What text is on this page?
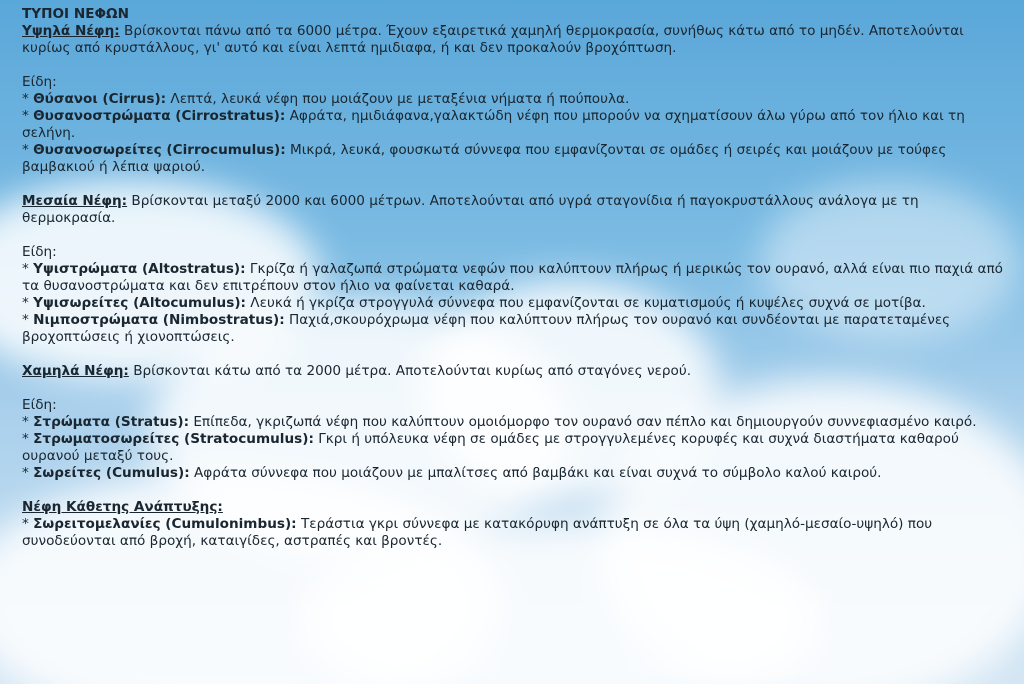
ΤΥΠΟΙ ΝΕΦΩΝ

Υψηλά Νέφη: Βρίσκονται πάνω από τα 6000 μέτρα. Έχουν εξαιρετικά χαμηλή θερμοκρασία, συνήθως κάτω από το μηδέν. Αποτελούνται κυρίως από κρυστάλλους, γι' αυτό και είναι λεπτά ημιδιαφα, ή και δεν προκαλούν βροχόπτωση.

Είδη:

* Θύσανοι (Cirrus): Λεπτά, λευκά νέφη που μοιάζουν με μεταξένια νήματα ή πούπουλα.

* Θυσανοστρώματα (Cirrostratus): Αφράτα, ημιδιάφανα,γαλακτώδη νέφη που μπορούν να σχηματίσουν άλω γύρω από τον ήλιο και τη σελήνη.

* Θυσανοσωρείτες (Cirrocumulus): Μικρά, λευκά, φουσκωτά σύννεφα που εμφανίζονται σε ομάδες ή σειρές και μοιάζουν με τούφες βαμβακιού ή λέπια ψαριού.

Μεσαία Νέφη: Βρίσκονται μεταξύ 2000 και 6000 μέτρων. Αποτελούνται από υγρά σταγονίδια ή παγοκρυστάλλους ανάλογα με τη θερμοκρασία.

Είδη:

* Υψιστρώματα (Altostratus): Γκρίζα ή γαλαζωπά στρώματα νεφών που καλύπτουν πλήρως ή μερικώς τον ουρανό, αλλά είναι πιο παχιά από τα θυσανοστρώματα και δεν επιτρέπουν στον ήλιο να φαίνεται καθαρά.

* Υψισωρείτες (Altocumulus): Λευκά ή γκρίζα στρογγυλά σύννεφα που εμφανίζονται σε κυματισμούς ή κυψέλες συχνά σε μοτίβα.

* Νιμποστρώματα (Nimbostratus): Παχιά,σκουρόχρωμα νέφη που καλύπτουν πλήρως τον ουρανό και συνδέονται με παρατεταμένες βροχοπτώσεις ή χιονοπτώσεις.

Χαμηλά Νέφη: Βρίσκονται κάτω από τα 2000 μέτρα. Αποτελούνται κυρίως από σταγόνες νερού.

Είδη:

* Στρώματα (Stratus): Επίπεδα, γκριζωπά νέφη που καλύπτουν ομοιόμορφο τον ουρανό σαν πέπλο και δημιουργούν συννεφιασμένο καιρό.

* Στρωματοσωρείτες (Stratocumulus): Γκρι ή υπόλευκα νέφη σε ομάδες με στρογγυλεμένες κορυφές και συχνά διαστήματα καθαρού ουρανού μεταξύ τους.

* Σωρείτες (Cumulus): Αφράτα σύννεφα που μοιάζουν με μπαλίτσες από βαμβάκι και είναι συχνά το σύμβολο καλού καιρού.

Νέφη Κάθετης Ανάπτυξης:

* Σωρειτομελανίες (Cumulonimbus): Τεράστια γκρι σύννεφα με κατακόρυφη ανάπτυξη σε όλα τα ύψη (χαμηλό-μεσαίο-υψηλό) που συνοδεύονται από βροχή, καταιγίδες, αστραπές και βροντές.
